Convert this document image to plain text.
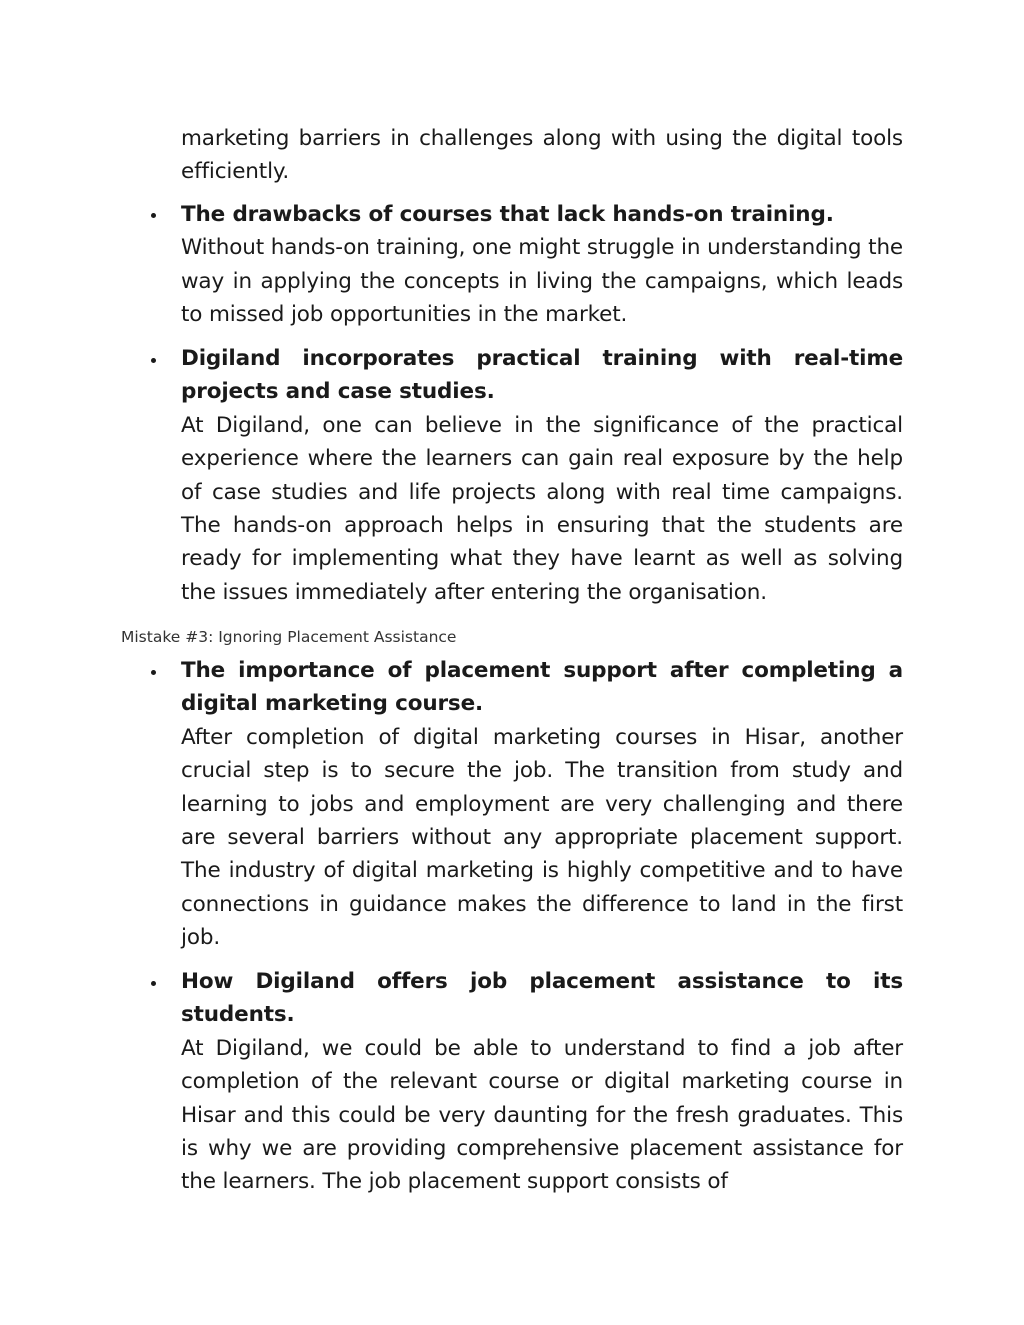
marketing barriers in challenges along with using the digital tools efficiently.
The drawbacks of courses that lack hands-on training.
Without hands-on training, one might struggle in understanding the way in applying the concepts in living the campaigns, which leads to missed job opportunities in the market.
Digiland incorporates practical training with real-time projects and case studies.
At Digiland, one can believe in the significance of the practical experience where the learners can gain real exposure by the help of case studies and life projects along with real time campaigns. The hands-on approach helps in ensuring that the students are ready for implementing what they have learnt as well as solving the issues immediately after entering the organisation.
Mistake #3: Ignoring Placement Assistance
The importance of placement support after completing a digital marketing course.
After completion of digital marketing courses in Hisar, another crucial step is to secure the job. The transition from study and learning to jobs and employment are very challenging and there are several barriers without any appropriate placement support. The industry of digital marketing is highly competitive and to have connections in guidance makes the difference to land in the first job.
How Digiland offers job placement assistance to its students.
At Digiland, we could be able to understand to find a job after completion of the relevant course or digital marketing course in Hisar and this could be very daunting for the fresh graduates. This is why we are providing comprehensive placement assistance for the learners. The job placement support consists of
